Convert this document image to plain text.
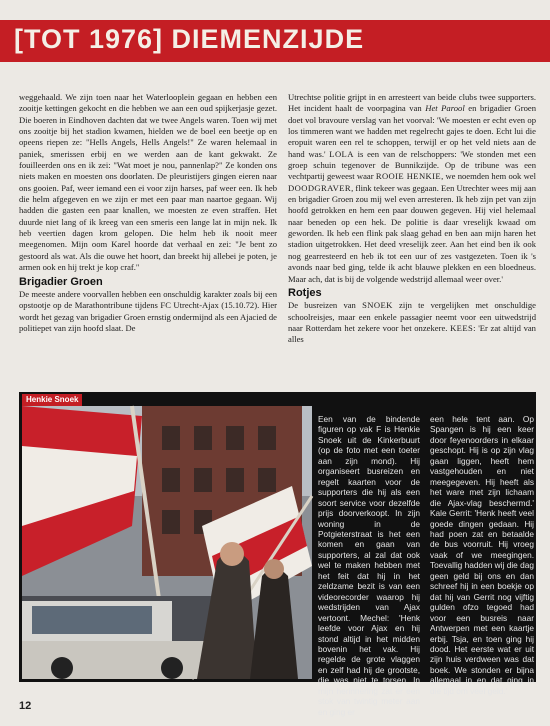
[TOT 1976] DIEMENZIJDE

weggehaald. We zijn toen naar het Waterlooplein gegaan en hebben een zooitje kettingen gekocht en die hebben we aan een oud spijkerjasje gezet. Die boeren in Eindhoven dachten dat we twee Angels waren. Toen wij met ons zooitje bij het stadion kwamen, hielden we de boel een beetje op en opeens riepen ze: "Hells Angels, Hells Angels!" Ze waren helemaal in paniek, smerissen erbij en we werden aan de kant gekwakt. Ze fouilleerden ons en ik zei: "Wat moet je nou, pannenlap?" Ze konden ons niets maken en moesten ons doorlaten. De pleuristijers gingen eieren naar ons gooien. Paf, weer iemand een ei voor zijn harses, paf weer een. Ik heb die helm afgegeven en we zijn er met een paar man naartoe gegaan. Wij hadden die gasten een paar knallen, we moesten ze even straffen. Het duurde niet lang of ik kreeg van een smeris een lange lat in mijn nek. Ik heb veertien dagen krom gelopen. Die helm heb ik nooit meer meegenomen. Mijn oom Karel hoorde dat verhaal en zei: "Je bent zo gestoord als wat. Als die ouwe het hoort, dan breekt hij allebei je poten, je armen ook en hij trekt je kop craf."

Brigadier Groen

De meeste andere voorvallen hebben een onschuldig karakter zoals bij een opstootje op de Marathontribune tijdens FC Utrecht-Ajax (15.10.72). Hier wordt het gezag van brigadier Groen ernstig ondermijnd als een Ajacied de politiepet van zijn hoofd slaat. De

Utrechtse politie grijpt in en arresteert van beide clubs twee supporters. Het incident haalt de voorpagina van Het Parool en brigadier Groen doet vol bravoure verslag van het voorval: 'We moesten er echt even op los timmeren want we hadden met regelrecht gajes te doen. Echt lui die eropuit waren een rel te schoppen, terwijl er op het veld niets aan de hand was.' LOLA is een van de relschoppers: 'We stonden met een groep schuin tegenover de Bunnikzijde. Op de tribune was een vechtpartij geweest waar ROOIE HENKIE, we noemden hem ook wel DOODGRAVER, flink tekeer was gegaan. Een Utrechter wees mij aan en brigadier Groen zou mij wel even arresteren. Ik heb zijn pet van zijn hoofd getrokken en hem een paar douwen gegeven. Hij viel helemaal naar beneden op een hek. De politie is daar vreselijk kwaad om geworden. Ik heb een flink pak slaag gehad en ben aan mijn haren het stadion uitgetrokken. Het deed vreselijk zeer. Aan het eind ben ik ook nog gearresteerd en heb ik tot een uur of zes vastgezeten. Toen ik 's avonds naar bed ging, telde ik acht blauwe plekken en een bloedneus. Maar ach, dat is bij de volgende wedstrijd allemaal weer over.'

Rotjes

De busreizen van SNOEK zijn te vergelijken met onschuldige schoolreisjes, maar een enkele passagier neemt voor een uitwedstrijd naar Rotterdam het zekere voor het onzekere. KEES: 'Er zat altijd van alles

Henkie Snoek

Een van de bindende figuren op vak F is Henkie Snoek uit de Kinkerbuurt (op de foto met een toeter aan zijn mond). Hij organiseert busreizen en regelt kaarten voor de supporters die hij als een soort service voor dezelfde prijs doorverkoopt. In zijn woning in de Potgieterstraat is het een komen en gaan van supporters, al zal dat ook wel te maken hebben met het feit dat hij in het zeldzame bezit is van een videorecorder waarop hij wedstrijden van Ajax vertoont. Mechel: 'Henk leefde voor Ajax en hij stond altijd in het midden bovenin het vak. Hij regelde de grote vlaggen en zelf had hij de grootste, die was niet te torsen. In mijn herinnering zat er een stok van twintig meter aan en ging er

een hele tent aan. Op Spangen is hij een keer door feyenoorders in elkaar geschopt. Hij is op zijn vlag gaan liggen, heeft hem vastgehouden en niet meegegeven. Hij heeft als het ware met zijn lichaam die Ajax-vlag beschermd.' Kale Gerrit: 'Henk heeft veel goede dingen gedaan. Hij had poen zat en betaalde de bus voorruit. Hij vroeg vaak of we meegingen. Toevallig hadden wij die dag geen geld bij ons en dan schreef hij in een boekje op dat hij van Gerrit nog vijftig gulden ofzo tegoed had voor een busreis naar Antwerpen met een kaartje erbij. Tsja, en toen ging hij dood. Het eerste wat er uit zijn huis verdween was dat boek. We stonden er bijna allemaal in en dat ging in die tijd om veel geld.'

12
